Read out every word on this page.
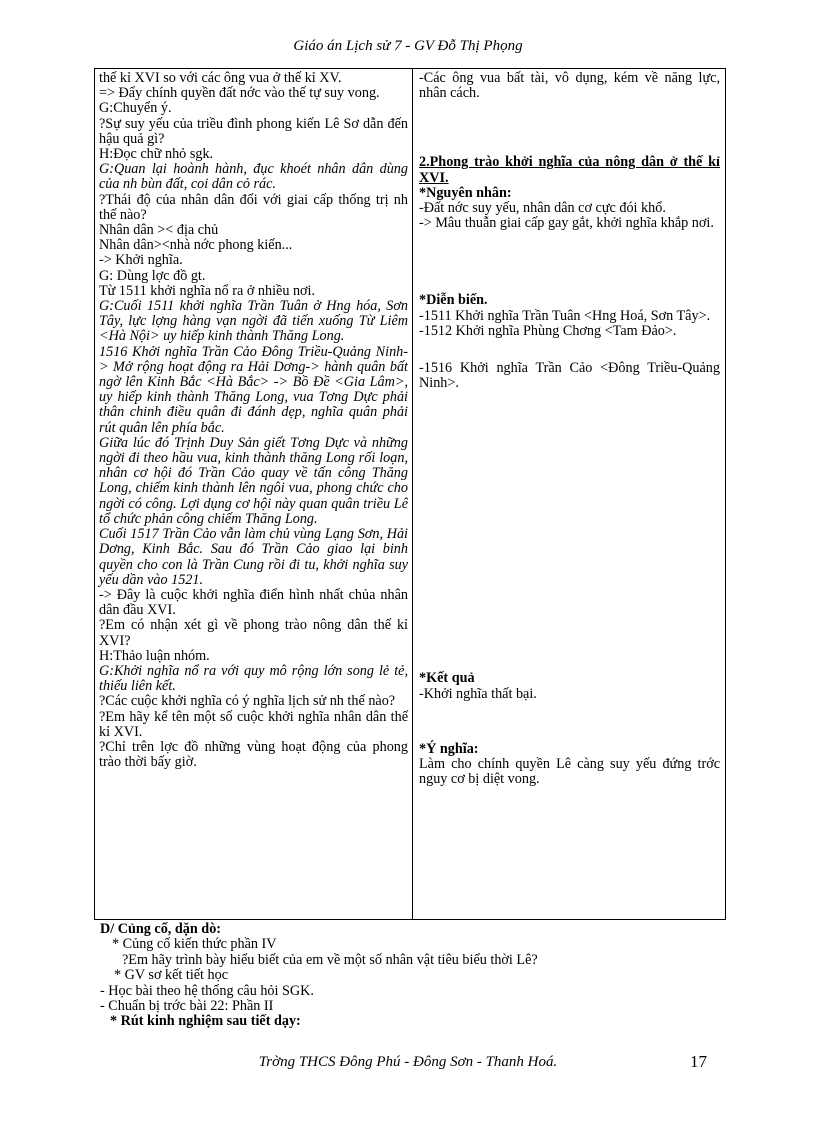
Giáo án Lịch sử 7 - GV Đỗ Thị Phọng

thế kỉ XVI so với các ông vua ở thế kỉ XV.

=> Đẩy chính quyền đất nớc vào thế tự suy vong.

G:Chuyển ý.

?Sự suy yếu của triều đình phong kiến Lê Sơ dẫn đến hậu quả gì?

H:Đọc chữ nhỏ sgk.

G:Quan lại hoành hành, đục khoét nhân dân dùng của nh bùn đất, coi dân cỏ rác.

?Thái độ của nhân dân đối với giai cấp thống trị nh thế nào?

Nhân dân >< địa chủ

Nhân dân><nhà nớc phong kiến...

-> Khởi nghĩa.

G: Dùng lợc đồ gt.

Từ 1511 khởi nghĩa nổ ra ở nhiều nơi.

G:Cuối 1511 khởi nghĩa Trần Tuân ở Hng hóa, Sơn Tây, lực lợng hàng vạn ngời đã tiến xuống Từ Liêm <Hà Nội> uy hiếp kinh thành Thăng Long.

1516 Khởi nghĩa Trần Cảo Đông Triều-Quảng Ninh-> Mở rộng hoạt động ra Hải Dơng-> hành quân bất ngờ lên Kinh Bắc <Hà Bắc> -> Bồ Đề <Gia Lâm>, uy hiếp kinh thành Thăng Long, vua Tơng Dực phải thân chinh điều quân đi đánh dẹp, nghĩa quân phải rút quân lên phía bắc.

Giữa lúc đó Trịnh Duy Sản giết Tơng Dực và những ngời đi theo hầu vua, kinh thành thăng Long rối loạn, nhân cơ hội đó Trần Cảo quay về tấn công Thăng Long, chiếm kinh thành lên ngôi vua, phong chức cho ngời có công. Lợi dụng cơ hội này quan quân triều Lê tổ chức phản công chiếm Thăng Long.

Cuối 1517 Trần Cảo vẫn làm chủ vùng Lạng Sơn, Hải Dơng, Kinh Bắc. Sau đó Trần Cảo giao lại binh quyền cho con là Trần Cung rồi đi tu, khởi nghĩa suy yếu dần vào 1521.

-> Đây là cuộc khởi nghĩa điển hình nhất chủa nhân dân đầu XVI.

?Em có nhận xét gì về phong trào nông dân thế kỉ XVI?

H:Thảo luận nhóm.

G:Khởi nghĩa nổ ra với quy mô rộng lớn song lẻ tẻ, thiếu liên kết.

?Các cuộc khởi nghĩa có ý nghĩa lịch sử nh thế nào?

?Em hãy kể tên một số cuộc khởi nghĩa nhân dân thế kỉ XVI.

?Chỉ trên lợc đồ những vùng hoạt động của phong trào thời bấy giờ.

-Các ông vua bất tài, vô dụng, kém về năng lực, nhân cách.

2.Phong trào khởi nghĩa của nông dân ở thế kỉ XVI.

*Nguyên nhân:

-Đất nớc suy yếu, nhân dân cơ cực đói khổ.

-> Mâu thuẫn giai cấp gay gắt, khởi nghĩa khắp nơi.

*Diễn biến.

-1511 Khởi nghĩa Trần Tuân <Hng Hoá, Sơn Tây>.

-1512 Khởi nghĩa Phùng Chơng <Tam Đảo>.

-1516 Khởi nghĩa Trần Cảo <Đông Triều-Quảng Ninh>.

*Kết quả

-Khởi nghĩa thất bại.

*Ý nghĩa:

Làm cho chính quyền Lê càng suy yếu đứng trớc nguy cơ bị diệt vong.

D/ Củng cố, dặn dò:

* Củng cố kiến thức phần IV

?Em hãy trình bày hiểu biết của em về một số nhân vật tiêu biểu thời Lê?

* GV sơ kết tiết học

- Học bài theo hệ thống câu hỏi SGK.

- Chuẩn bị trớc bài 22: Phần II

* Rút kinh nghiệm sau tiết dạy:

Trờng THCS Đông Phú - Đông Sơn - Thanh Hoá.	17
